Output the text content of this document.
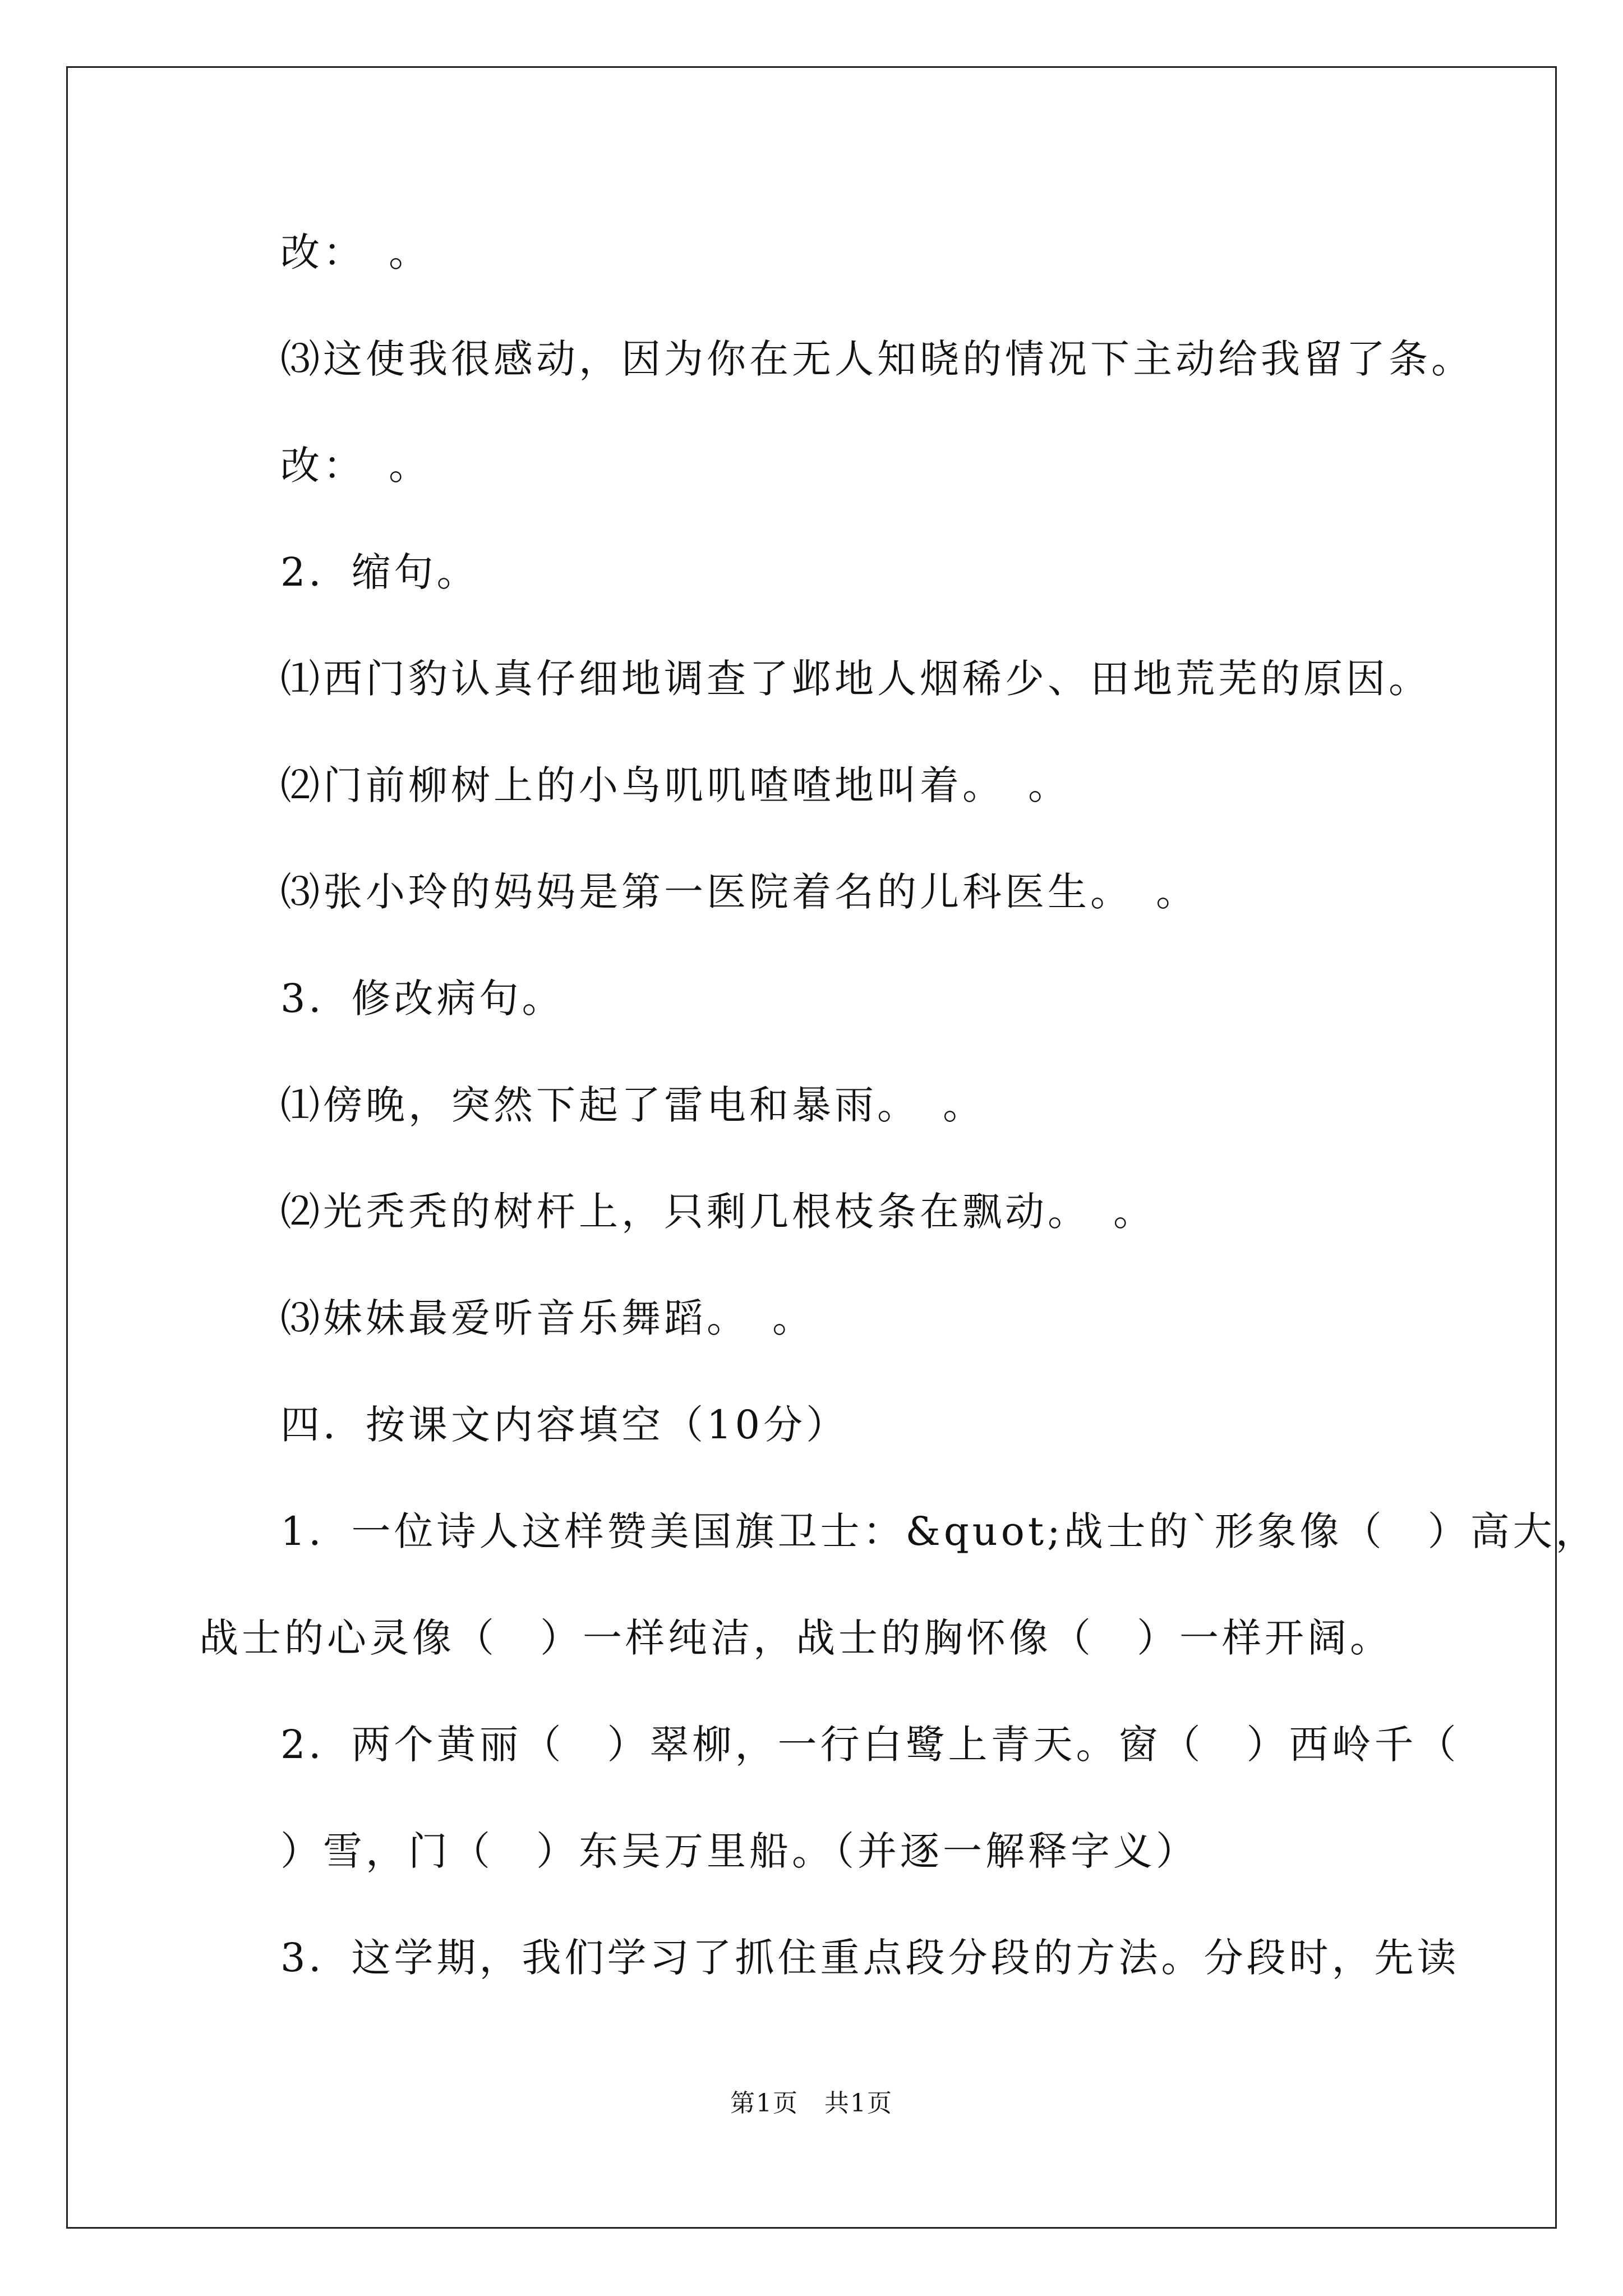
改：　。
⑶这使我很感动，因为你在无人知晓的情况下主动给我留了条。
改：　。
2．缩句。
⑴西门豹认真仔细地调查了邺地人烟稀少、田地荒芜的原因。
⑵门前柳树上的小鸟叽叽喳喳地叫着。　。
⑶张小玲的妈妈是第一医院着名的儿科医生。　。
3．修改病句。
⑴傍晚，突然下起了雷电和暴雨。　。
⑵光秃秃的树杆上，只剩几根枝条在飘动。　。
⑶妹妹最爱听音乐舞蹈。　。
四．按课文内容填空（10分）
1．一位诗人这样赞美国旗卫士：&quot;战士的`形象像（　）高大，
战士的心灵像（　）一样纯洁，战士的胸怀像（　）一样开阔。
2．两个黄丽（　）翠柳，一行白鹭上青天。窗（　）西岭千（
）雪，门（　）东吴万里船。（并逐一解释字义）
3．这学期，我们学习了抓住重点段分段的方法。分段时，先读
第1页　共1页
